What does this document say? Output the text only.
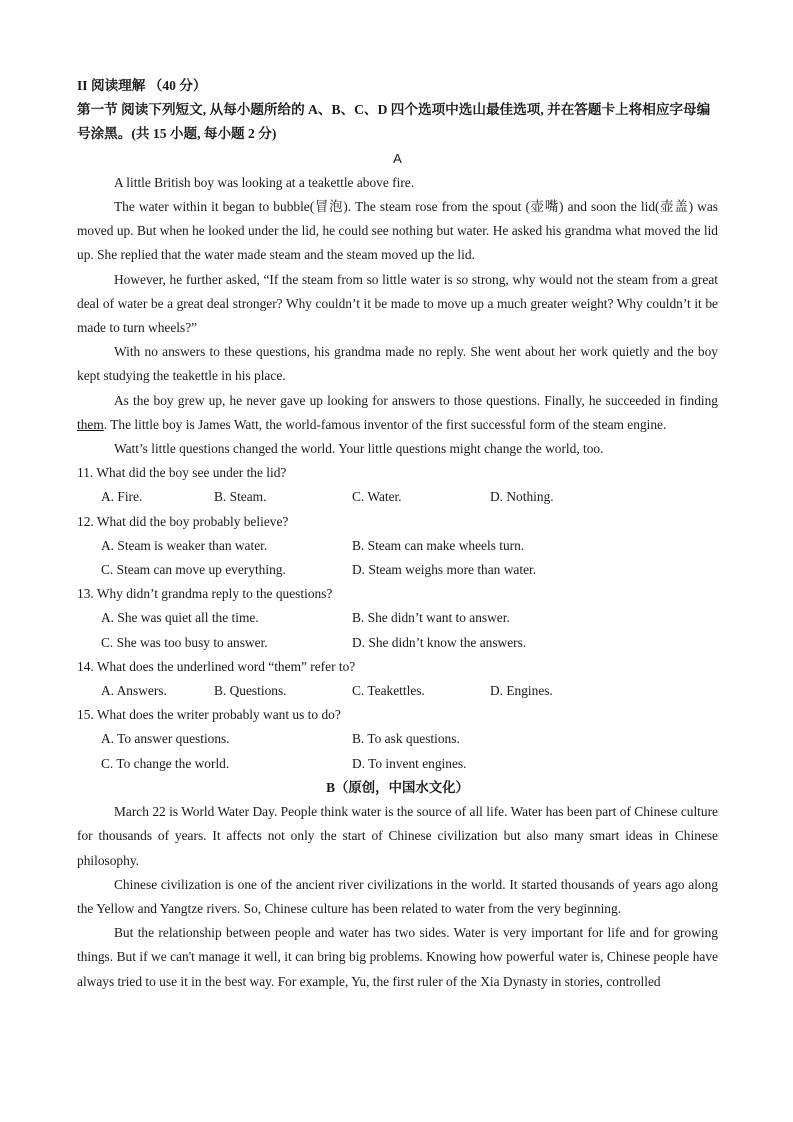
II 阅读理解 （40 分）

第一节 阅读下列短文, 从每小题所给的 A、B、C、D 四个选项中选山最佳选项, 并在答题卡上将相应字母编号涂黑。(共 15 小题, 每小题 2 分)

A

A little British boy was looking at a teakettle above fire.

The water within it began to bubble(冒泡). The steam rose from the spout (壶嘴) and soon the lid(壶盖) was moved up. But when he looked under the lid, he could see nothing but water. He asked his grandma what moved the lid up. She replied that the water made steam and the steam moved up the lid.

However, he further asked, “If the steam from so little water is so strong, why would not the steam from a great deal of water be a great deal stronger? Why couldn’t it be made to move up a much greater weight? Why couldn’t it be made to turn wheels?”

With no answers to these questions, his grandma made no reply. She went about her work quietly and the boy kept studying the teakettle in his place.

As the boy grew up, he never gave up looking for answers to those questions. Finally, he succeeded in finding them. The little boy is James Watt, the world-famous inventor of the first successful form of the steam engine.

Watt’s little questions changed the world. Your little questions might change the world, too.

11. What did the boy see under the lid?

A. Fire.	B. Steam.	C. Water.	D. Nothing.

12. What did the boy probably believe?

A. Steam is weaker than water.	B. Steam can make wheels turn.
C. Steam can move up everything.	D. Steam weighs more than water.

13. Why didn’t grandma reply to the questions?

A. She was quiet all the time.	B. She didn’t want to answer.
C. She was too busy to answer.	D. She didn’t know the answers.

14. What does the underlined word “them” refer to?

A. Answers.	B. Questions.	C. Teakettles.	D. Engines.

15. What does the writer probably want us to do?

A. To answer questions.	B. To ask questions.
C. To change the world.	D. To invent engines.

B（原创，中国水文化）

March 22 is World Water Day. People think water is the source of all life. Water has been part of Chinese culture for thousands of years. It affects not only the start of Chinese civilization but also many smart ideas in Chinese philosophy.

Chinese civilization is one of the ancient river civilizations in the world. It started thousands of years ago along the Yellow and Yangtze rivers. So, Chinese culture has been related to water from the very beginning.

But the relationship between people and water has two sides. Water is very important for life and for growing things. But if we can't manage it well, it can bring big problems. Knowing how powerful water is, Chinese people have always tried to use it in the best way. For example, Yu, the first ruler of the Xia Dynasty in stories, controlled
